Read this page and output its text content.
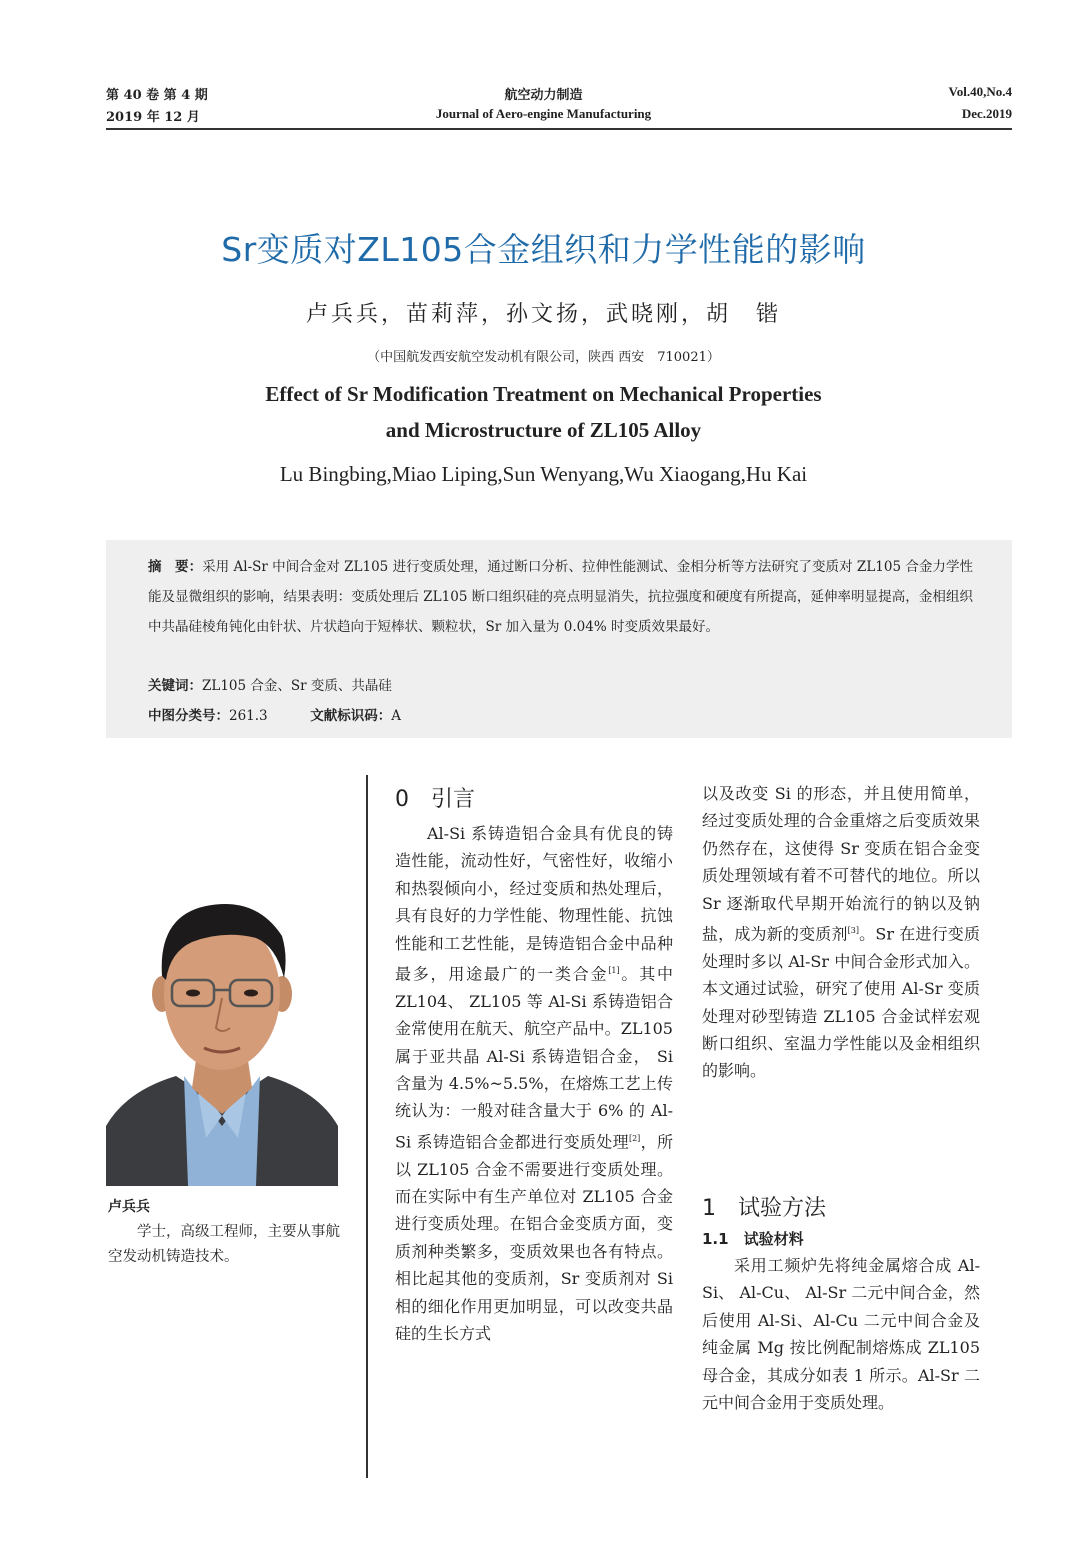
第 40 卷 第 4 期
2019 年 12 月
航空动力制造
Journal of Aero-engine Manufacturing
Vol.40,No.4
Dec.2019
Sr变质对ZL105合金组织和力学性能的影响
卢兵兵，苗莉萍，孙文扬，武晓刚，胡　锴
（中国航发西安航空发动机有限公司，陕西 西安　710021）
Effect of Sr Modification Treatment on Mechanical Properties
and Microstructure of ZL105 Alloy
Lu Bingbing,Miao Liping,Sun Wenyang,Wu Xiaogang,Hu Kai
摘　要：采用 Al-Sr 中间合金对 ZL105 进行变质处理，通过断口分析、拉伸性能测试、金相分析等方法研究了变质对 ZL105 合金力学性能及显微组织的影响，结果表明：变质处理后 ZL105 断口组织硅的亮点明显消失，抗拉强度和硬度有所提高，延伸率明显提高，金相组织中共晶硅棱角钝化由针状、片状趋向于短棒状、颗粒状，Sr 加入量为 0.04% 时变质效果最好。
关键词：ZL105 合金、Sr 变质、共晶硅
中图分类号：261.3	文献标识码：A
卢兵兵
学士，高级工程师，主要从事航空发动机铸造技术。
0　引言

Al-Si 系铸造铝合金具有优良的铸造性能，流动性好，气密性好，收缩小和热裂倾向小，经过变质和热处理后，具有良好的力学性能、物理性能、抗蚀性能和工艺性能，是铸造铝合金中品种最多，用途最广的一类合金[1]。其中 ZL104、 ZL105 等 Al-Si 系铸造铝合金常使用在航天、航空产品中。ZL105 属于亚共晶 Al-Si 系铸造铝合金， Si 含量为 4.5%~5.5%，在熔炼工艺上传统认为：一般对硅含量大于 6% 的 Al-Si 系铸造铝合金都进行变质处理[2]，所以 ZL105 合金不需要进行变质处理。而在实际中有生产单位对 ZL105 合金进行变质处理。在铝合金变质方面，变质剂种类繁多，变质效果也各有特点。相比起其他的变质剂，Sr 变质剂对 Si 相的细化作用更加明显，可以改变共晶硅的生长方式

以及改变 Si 的形态，并且使用简单，经过变质处理的合金重熔之后变质效果仍然存在，这使得 Sr 变质在铝合金变质处理领域有着不可替代的地位。所以 Sr 逐渐取代早期开始流行的钠以及钠盐，成为新的变质剂[3]。Sr 在进行变质处理时多以 Al-Sr 中间合金形式加入。本文通过试验，研究了使用 Al-Sr 变质处理对砂型铸造 ZL105 合金试样宏观断口组织、室温力学性能以及金相组织的影响。

1　试验方法
1.1　试验材料

采用工频炉先将纯金属熔合成 Al-Si、 Al-Cu、 Al-Sr 二元中间合金，然后使用 Al-Si、Al-Cu 二元中间合金及纯金属 Mg 按比例配制熔炼成 ZL105 母合金，其成分如表 1 所示。Al-Sr 二元中间合金用于变质处理。
